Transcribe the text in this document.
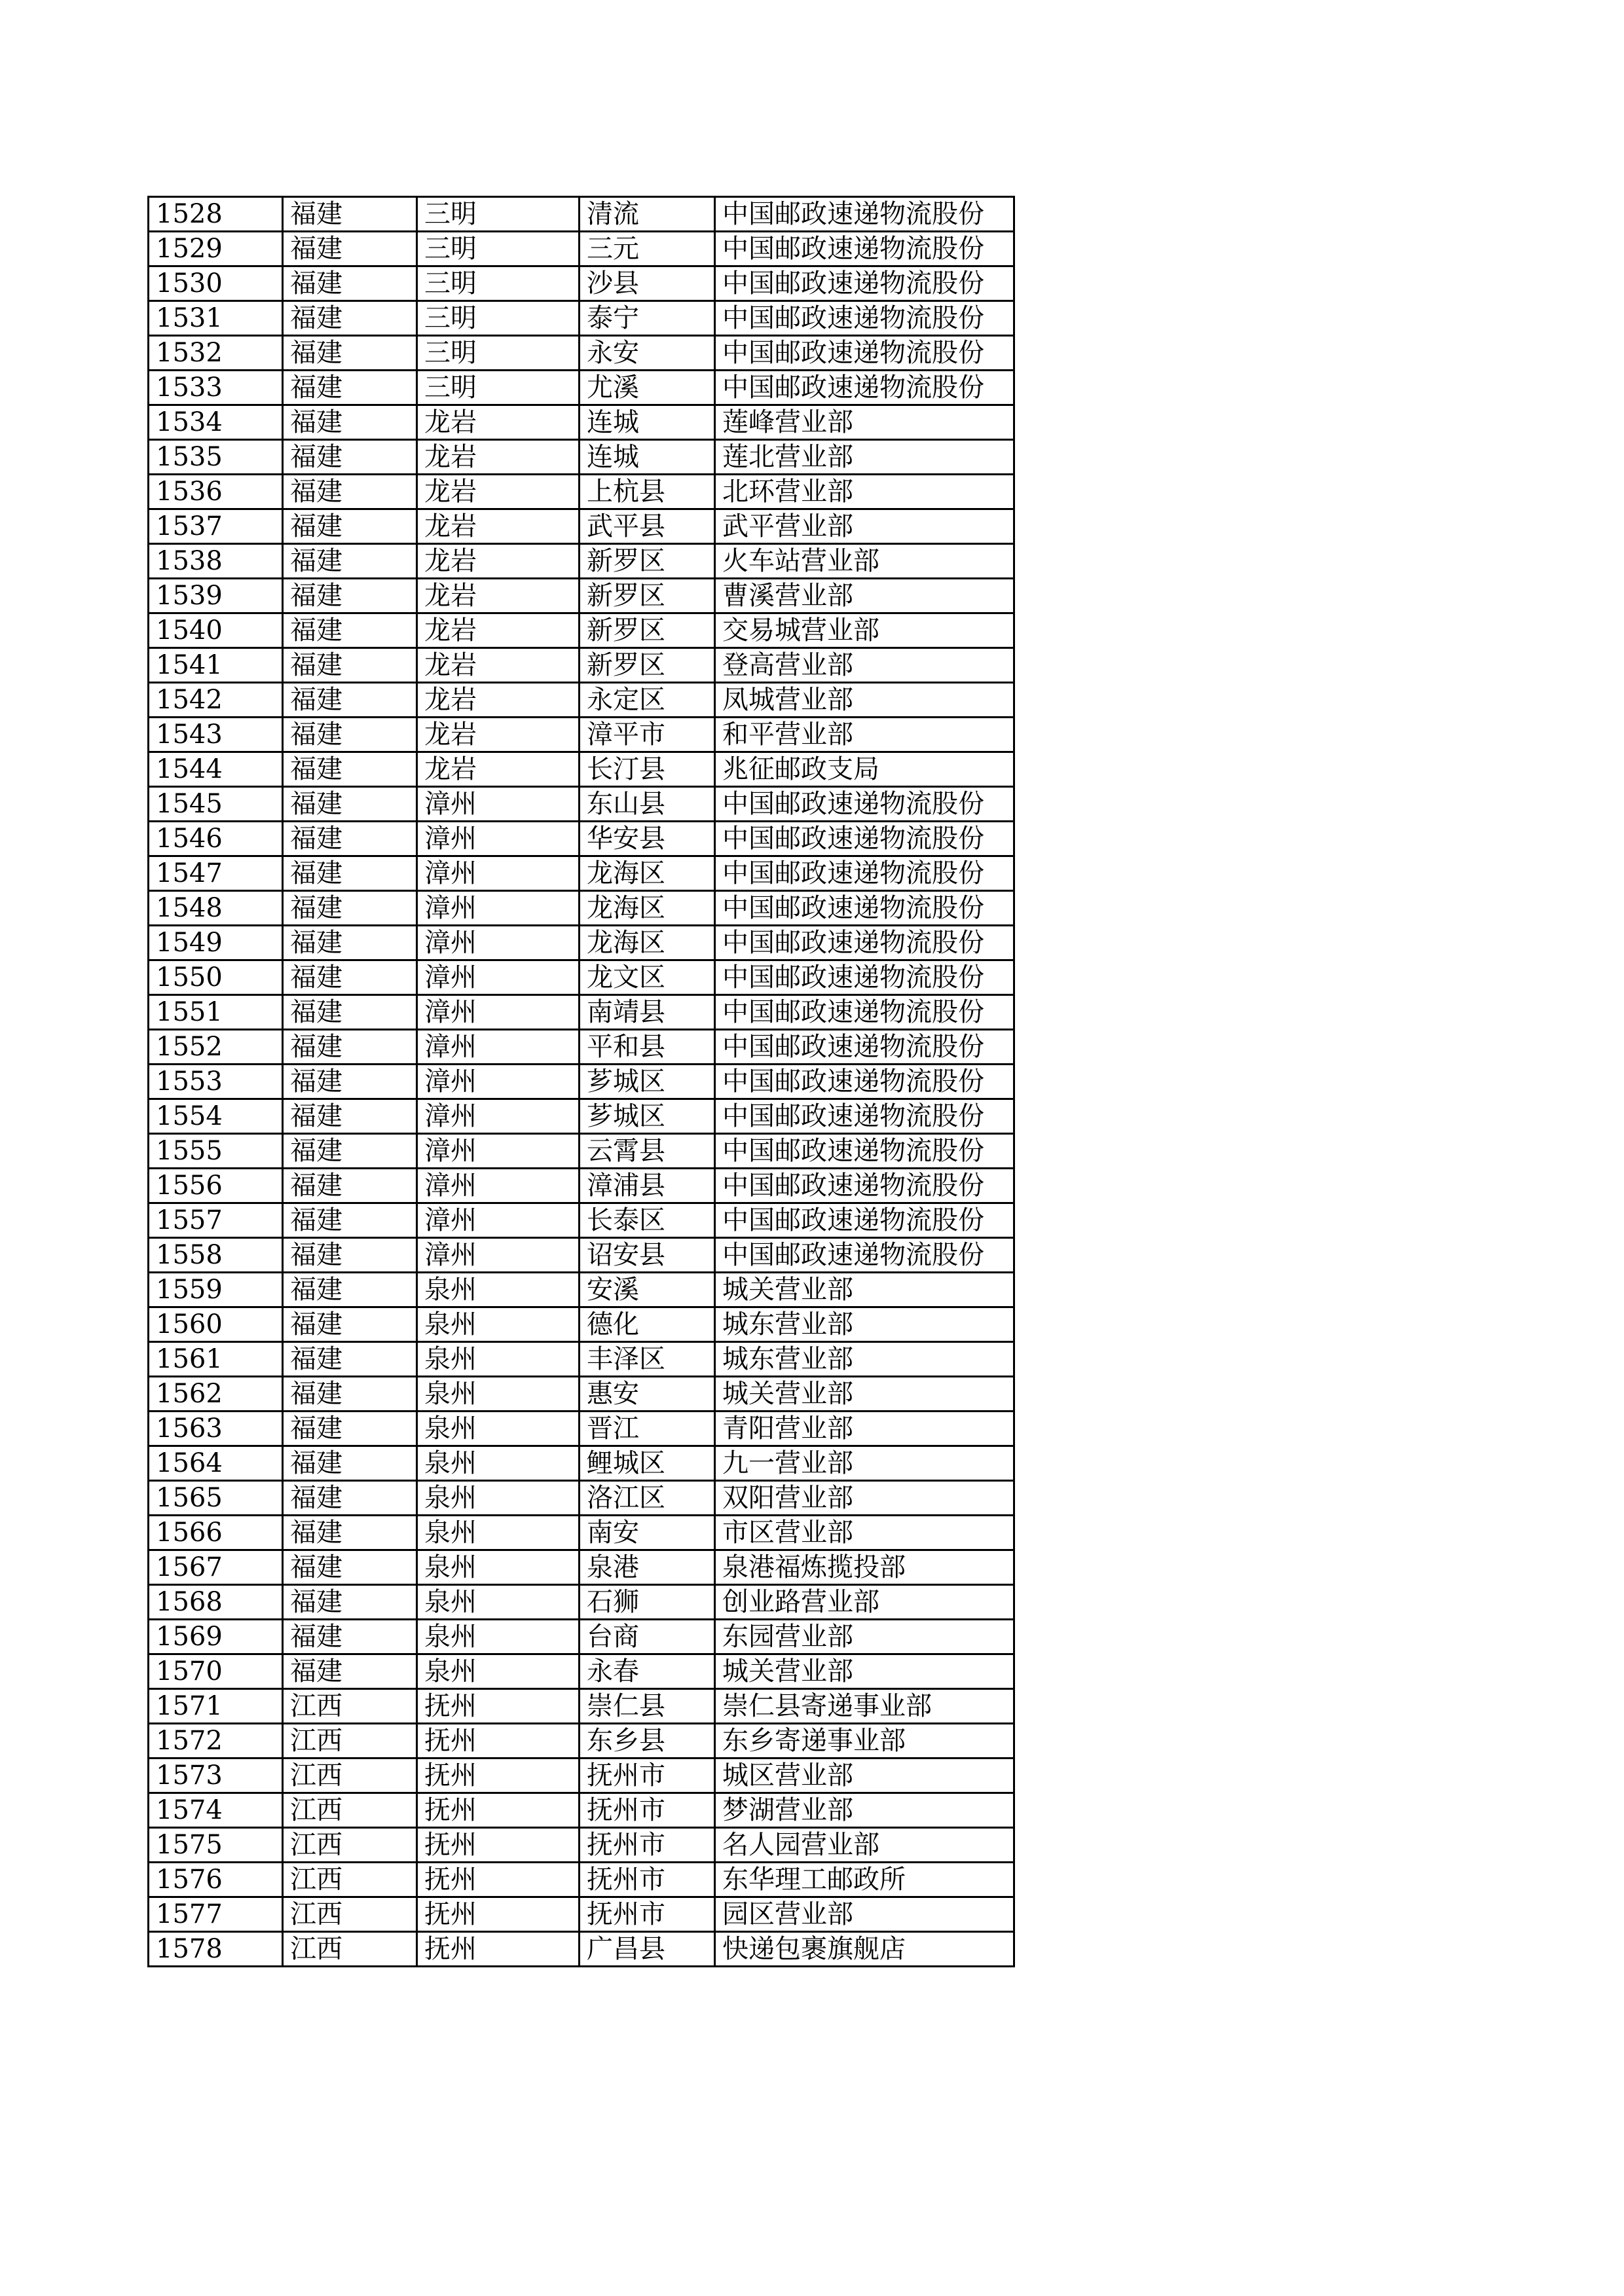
1528	福建	三明	清流	中国邮政速递物流股份
1529	福建	三明	三元	中国邮政速递物流股份
1530	福建	三明	沙县	中国邮政速递物流股份
1531	福建	三明	泰宁	中国邮政速递物流股份
1532	福建	三明	永安	中国邮政速递物流股份
1533	福建	三明	尤溪	中国邮政速递物流股份
1534	福建	龙岩	连城	莲峰营业部
1535	福建	龙岩	连城	莲北营业部
1536	福建	龙岩	上杭县	北环营业部
1537	福建	龙岩	武平县	武平营业部
1538	福建	龙岩	新罗区	火车站营业部
1539	福建	龙岩	新罗区	曹溪营业部
1540	福建	龙岩	新罗区	交易城营业部
1541	福建	龙岩	新罗区	登高营业部
1542	福建	龙岩	永定区	凤城营业部
1543	福建	龙岩	漳平市	和平营业部
1544	福建	龙岩	长汀县	兆征邮政支局
1545	福建	漳州	东山县	中国邮政速递物流股份
1546	福建	漳州	华安县	中国邮政速递物流股份
1547	福建	漳州	龙海区	中国邮政速递物流股份
1548	福建	漳州	龙海区	中国邮政速递物流股份
1549	福建	漳州	龙海区	中国邮政速递物流股份
1550	福建	漳州	龙文区	中国邮政速递物流股份
1551	福建	漳州	南靖县	中国邮政速递物流股份
1552	福建	漳州	平和县	中国邮政速递物流股份
1553	福建	漳州	芗城区	中国邮政速递物流股份
1554	福建	漳州	芗城区	中国邮政速递物流股份
1555	福建	漳州	云霄县	中国邮政速递物流股份
1556	福建	漳州	漳浦县	中国邮政速递物流股份
1557	福建	漳州	长泰区	中国邮政速递物流股份
1558	福建	漳州	诏安县	中国邮政速递物流股份
1559	福建	泉州	安溪	城关营业部
1560	福建	泉州	德化	城东营业部
1561	福建	泉州	丰泽区	城东营业部
1562	福建	泉州	惠安	城关营业部
1563	福建	泉州	晋江	青阳营业部
1564	福建	泉州	鲤城区	九一营业部
1565	福建	泉州	洛江区	双阳营业部
1566	福建	泉州	南安	市区营业部
1567	福建	泉州	泉港	泉港福炼揽投部
1568	福建	泉州	石狮	创业路营业部
1569	福建	泉州	台商	东园营业部
1570	福建	泉州	永春	城关营业部
1571	江西	抚州	崇仁县	崇仁县寄递事业部
1572	江西	抚州	东乡县	东乡寄递事业部
1573	江西	抚州	抚州市	城区营业部
1574	江西	抚州	抚州市	梦湖营业部
1575	江西	抚州	抚州市	名人园营业部
1576	江西	抚州	抚州市	东华理工邮政所
1577	江西	抚州	抚州市	园区营业部
1578	江西	抚州	广昌县	快递包裹旗舰店
